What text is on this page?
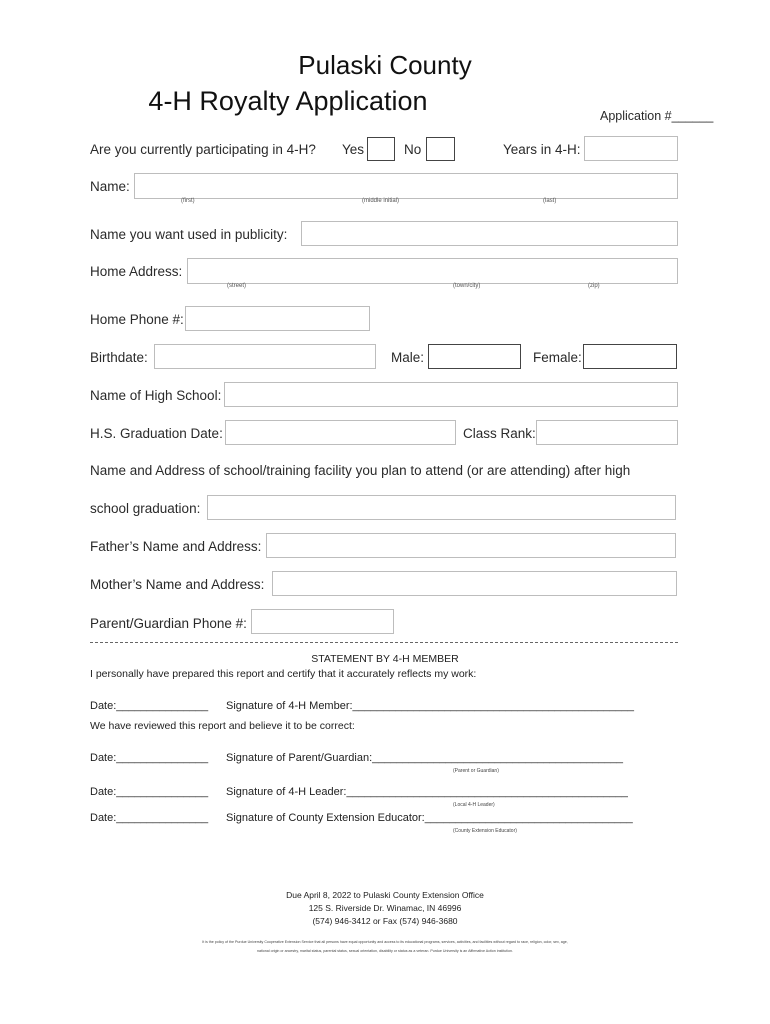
Pulaski County
4-H Royalty Application	Application #______
Are you currently participating in 4-H? Yes	No	Years in 4-H:
Name:
(first)	(middle initial)	(last)
Name you want used in publicity:
Home Address:
(street)	(town/city)	(zip)
Home Phone #:
Birthdate:	Male:	Female:
Name of High School:
H.S. Graduation Date:	Class Rank:
Name and Address of school/training facility you plan to attend (or are attending) after high
school graduation:
Father’s Name and Address:
Mother’s Name and Address:
Parent/Guardian Phone #:
STATEMENT BY 4-H MEMBER
I personally have prepared this report and certify that it accurately reflects my work:
Date:_______________ Signature of 4-H Member:______________________________________________
We have reviewed this report and believe it to be correct:
Date:_______________ Signature of Parent/Guardian:_________________________________________
(Parent or Guardian)
Date:_______________ Signature of 4-H Leader:______________________________________________
(Local 4-H Leader)
Date:_______________ Signature of County Extension Educator:__________________________________
(County Extension Educator)
Due April 8, 2022 to Pulaski County Extension Office
125 S. Riverside Dr. Winamac, IN 46996
(574) 946-3412 or Fax (574) 946-3680
It is the policy of the Purdue University Cooperative Extension Service that all persons have equal opportunity and access to its educational programs, services, activities, and facilities without regard to race, religion, color, sex, age,
national origin or ancestry, marital status, parental status, sexual orientation, disability or status as a veteran. Purdue University is an Affirmative Action institution.
